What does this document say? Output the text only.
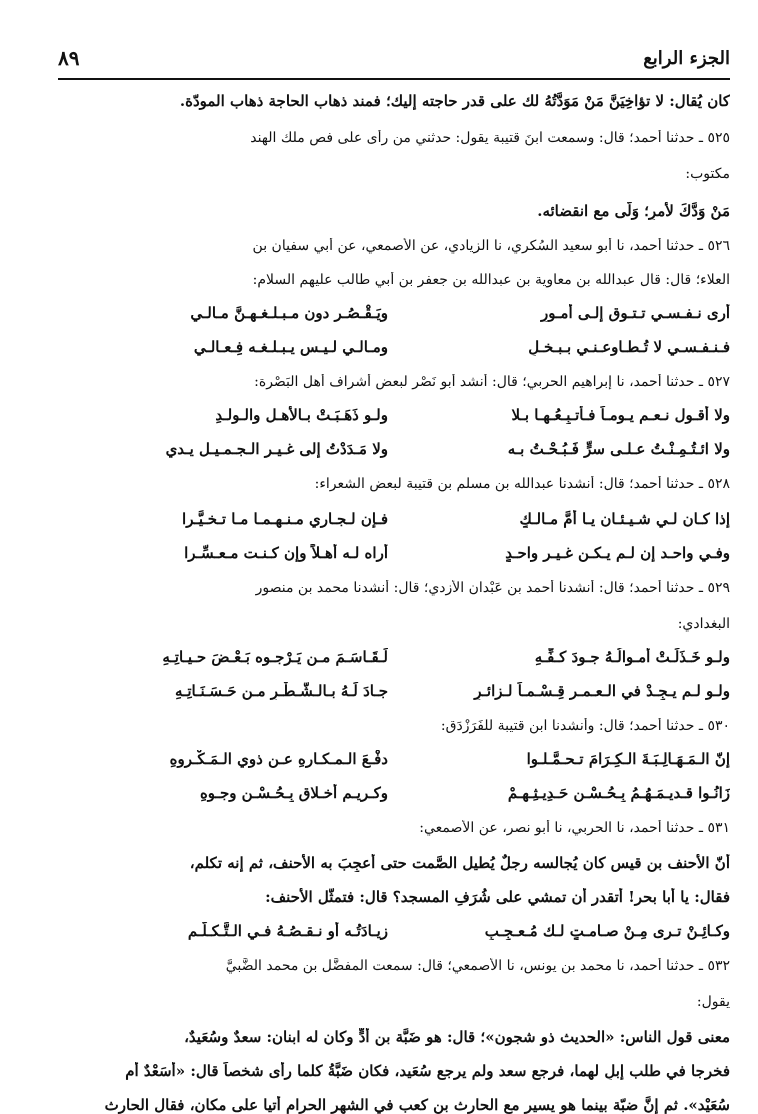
الجزء الرابع
٨٩
كان يُقال: لا تؤاخِيَنَّ مَنْ مَوَدَّتُهُ لك على قدر حاجته إليك؛ فمند ذهاب الحاجة ذهاب المودّة.
٥٢٥ ـ حدثنا أحمد؛ قال: وسمعت ابنَ قتيبة يقول: حدثني من رأى على فص ملك الهند
مكتوب:
مَنْ وَدَّكَ لأمرٍ؛ وَلّى مع انقضائه.
٥٢٦ ـ حدثنا أحمد، نا أبو سعيد السُكري، نا الزيادي، عن الأصمعي، عن أبي سفيان بن
العلاء؛ قال: قال عبدالله بن معاوية بن عبدالله بن جعفر بن أبي طالب عليهم السلام:
أرى نـفـسـي تـتـوق إلـى أمـورٍ
ويَـقْـصُـر دون مـبـلـغـهـنَّ مـالـي
فـنـفـسـي لا تُـطـاوعـنـي بـبـخـلٍ
ومـالـي لـيـس يـبـلـغـه فِـعـالـي
٥٢٧ ـ حدثنا أحمد، نا إبراهيم الحربي؛ قال: أنشد أبو نَصْر لبعض أشراف أهل البَصْرة:
ولا أقـول نـعـم يـومـاً فـأُتـبِـعُـهـا بـلا
ولـو ذَهَـبَـتْ بـالأهـل والـولـدِ
ولا ائـتُـمِـنْـتُ عـلـى سرٍّ فَـبُـحْـتُ بـه
ولا مَـدَدْتُ إلى غـيـر الـجـمـيـل يـدي
٥٢٨ ـ حدثنا أحمد؛ قال: أنشدنا عبدالله بن مسلم بن قتيبة لبعض الشعراء:
إذا كـان لـي شـيـئـان يـا أمَّ مـالـكٍ
فـإن لـجـاري مـنـهـمـا مـا تـخـيَّـرا
وفـي واحـد إن لـم يـكـن غـيـر واحـدٍ
أراه لـه أهـلاً وإن كـنـت مـعـسِّـرا
٥٢٩ ـ حدثنا أحمد؛ قال: أنشدنا أحمد بن عَبْدان الأزدي؛ قال: أنشدنا محمد بن منصور
البغدادي:
ولـو خَـذَلَـتْ أمـوالُـهُ جـودَ كـفِّـهِ
لَـقَـاسَـمَ مـن يَـرْجـوه بَـعْـضَ حـيـاتِـهِ
ولـو لـم يـجِـدْ في الـعـمـر قِـسْـمـاً لـزائـرٍ
جـادَ لَـهُ بـالـشَّـطْـرِ مـن حَـسَـنَـاتِـهِ
٥٣٠ ـ حدثنا أحمد؛ قال: وأنشدنا ابن قتيبة للفَرَزْدَق:
إنّ الـمَـهَـالِـبَـةَ الـكِـرَامَ تـحـمَّـلـوا
دفْـعَ الـمـكـارهِ عـن ذوي الـمَـكْـروهِ
زَانُـوا قـديـمَـهُـمُ بِـحُـسْـنِ حَـدِيـثِـهِـمْ
وكـريـمِ أخـلاقٍ بِـحُـسْـنِ وجـوهِ
٥٣١ ـ حدثنا أحمد، نا الحربي، نا أبو نصر، عن الأصمعي:
أنّ الأحنف بن قيس كان يُجالسه رجلٌ يُطيل الصَّمت حتى أُعجِبَ به الأحنف، ثم إنه تكلم،
فقال: يا أبا بحر! أتقدر أن تمشي على شُرَفِ المسجد؟ قال: فتمثَّل الأحنف:
وكـائِـنْ تـرى مِـنْ صـامـتٍ لـك مُـعـجِـبٍ
زيـادَتُـه أو نـقـصُـهُ فـي الـتَّـكـلُّـمِ
٥٣٢ ـ حدثنا أحمد، نا محمد بن يونس، نا الأصمعي؛ قال: سمعت المفضَّل بن محمد الضَّبيَّ
يقول:
معنى قول الناس: «الحديث ذو شجون»؛ قال: هو ضَبَّة بن أُدٍّ وكان له ابنان: سعدٌ وسُعَيدٌ،
فخرجا في طلب إبلٍ لهما، فرجع سعد ولم يرجع سُعَيد، فكان ضَبَّةُ كلما رأى شخصاً قال: «أسَعْدٌ أم
سُعَيْد». ثم إنَّ ضبّة بينما هو يسير مع الحارث بن كعب في الشهر الحرام أتيا على مكان، فقال الحارث
